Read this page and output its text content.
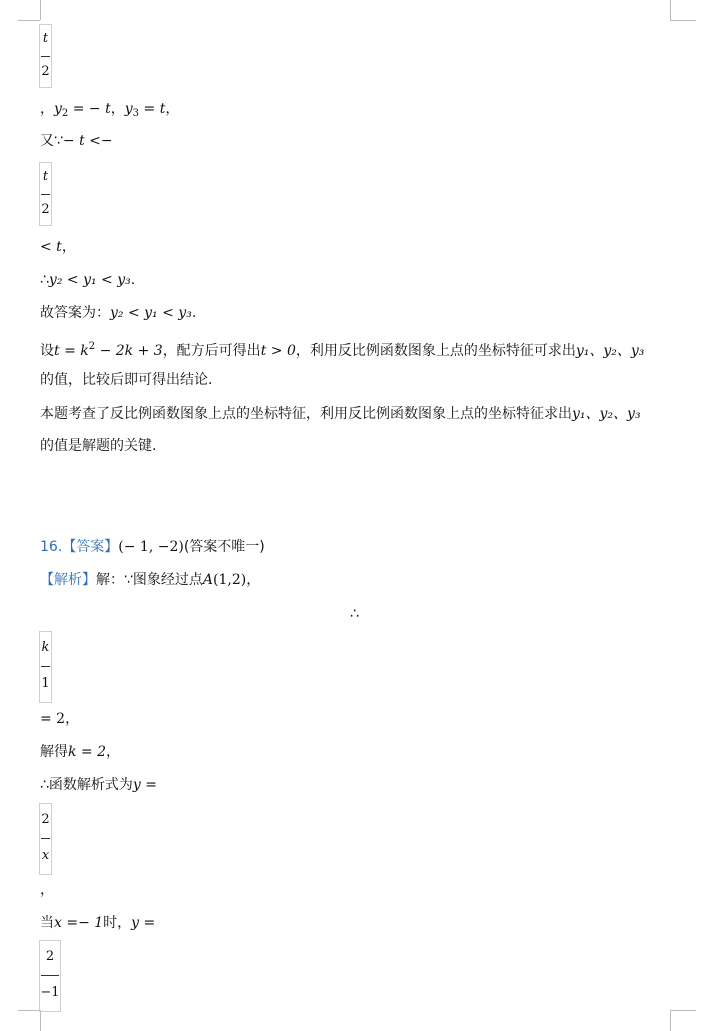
t
2
，$y_2$ = − t，$y_3 = t$，
又∵− t <−
t
2
< t，
∴y₂ < y₁ < y₃.
故答案为：y₂ < y₁ < y₃.
设$t = k^2 - 2k + 3$，配方后可得出t > 0，利用反比例函数图象上点的坐标特征可求出y₁、y₂、y₃
的值，比较后即可得出结论.
本题考查了反比例函数图象上点的坐标特征，利用反比例函数图象上点的坐标特征求出y₁、y₂、y₃
的值是解题的关键.
16.【答案】(− 1, −2)(答案不唯一)
【解析】解：∵图象经过点A(1,2)，
∴
k
1
= 2，
解得k = 2，
∴函数解析式为y =
2
x
，
当x =− 1时，y =
2
−1
